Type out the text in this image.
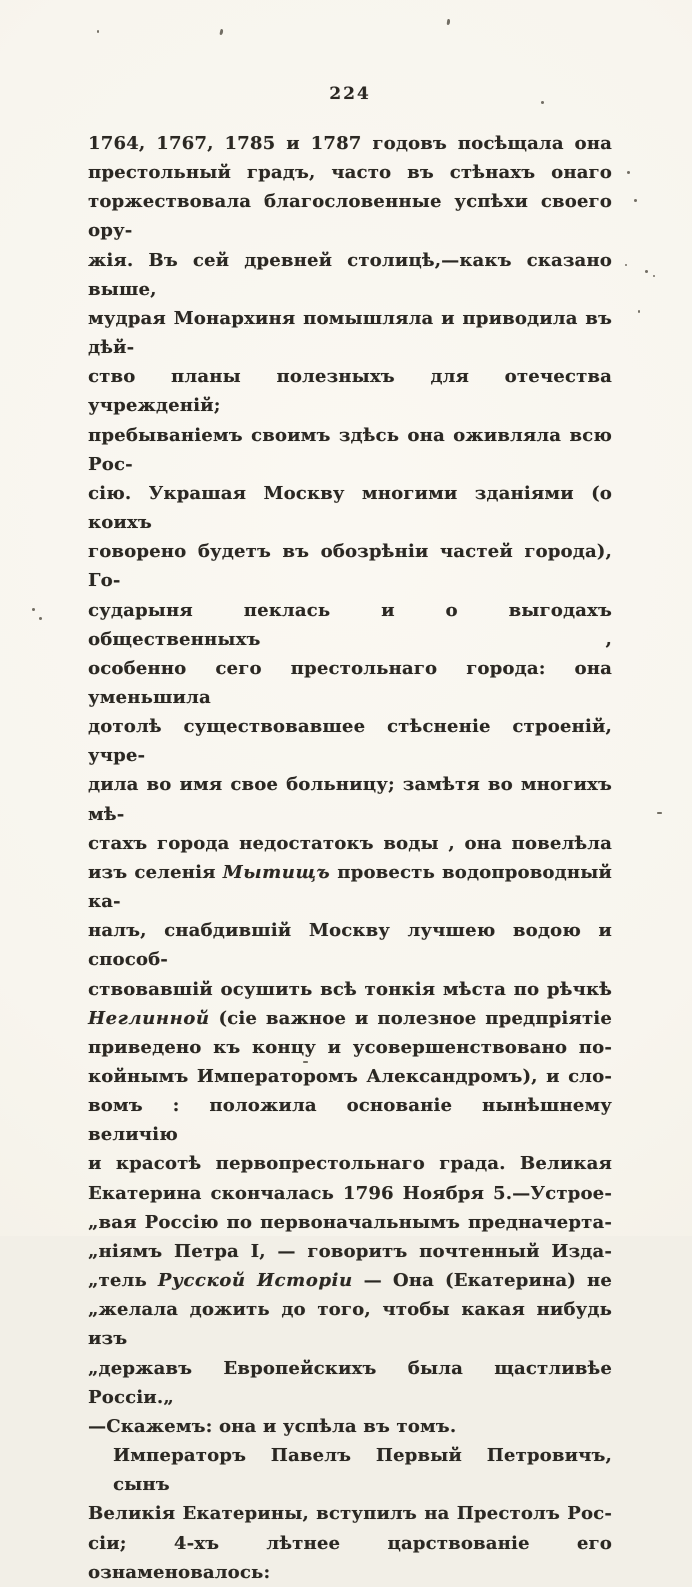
224
1764, 1767, 1785 и 1787 годовъ посѣщала она
престольный градъ, часто въ стѣнахъ онаго
торжествовала благословенные успѣхи своего ору-
жія. Въ сей древней столицѣ,—какъ сказано выше,
мудрая Монархиня помышляла и приводила въ дѣй-
ство планы полезныхъ для отечества учрежденій;
пребываніемъ своимъ здѣсь она оживляла всю Рос-
сію. Украшая Москву многими зданіями (о коихъ
говорено будетъ въ обозрѣніи частей города), Го-
сударыня пеклась и о выгодахъ общественныхъ ,
особенно сего престольнаго города: она уменьшила
дотолѣ существовавшее стѣсненіе строеній, учре-
дила во имя свое больницу; замѣтя во многихъ мѣ-
стахъ города недостатокъ воды , она повелѣла
изъ селенія Мытищъ провесть водопроводный ка-
налъ, снабдившій Москву лучшею водою и способ-
ствовавшій осушить всѣ тонкія мѣста по рѣчкѣ
Неглинной (сіе важное и полезное предпріятіе
приведено къ концу и усовершенствовано по-
койнымъ Императоромъ Александромъ), и сло-
вомъ : положила основаніе нынѣшнему величію
и красотѣ первопрестольнаго града. Великая
Екатерина скончалась 1796 Ноября 5.—Устрое-
„вая Россію по первоначальнымъ предначерта-
„ніямъ Петра I, — говоритъ почтенный Изда-
„тель Русской Исторіи — Она (Екатерина) не
„желала дожить до того, чтобы какая нибудь изъ
„державъ Европейскихъ была щастливѣе Россіи.„
—Скажемъ: она и успѣла въ томъ.
Императоръ Павелъ Первый Петровичъ, сынъ
Великія Екатерины, вступилъ на Престолъ Рос-
сіи; 4-хъ лѣтнее царствованіе его ознаменовалось:
